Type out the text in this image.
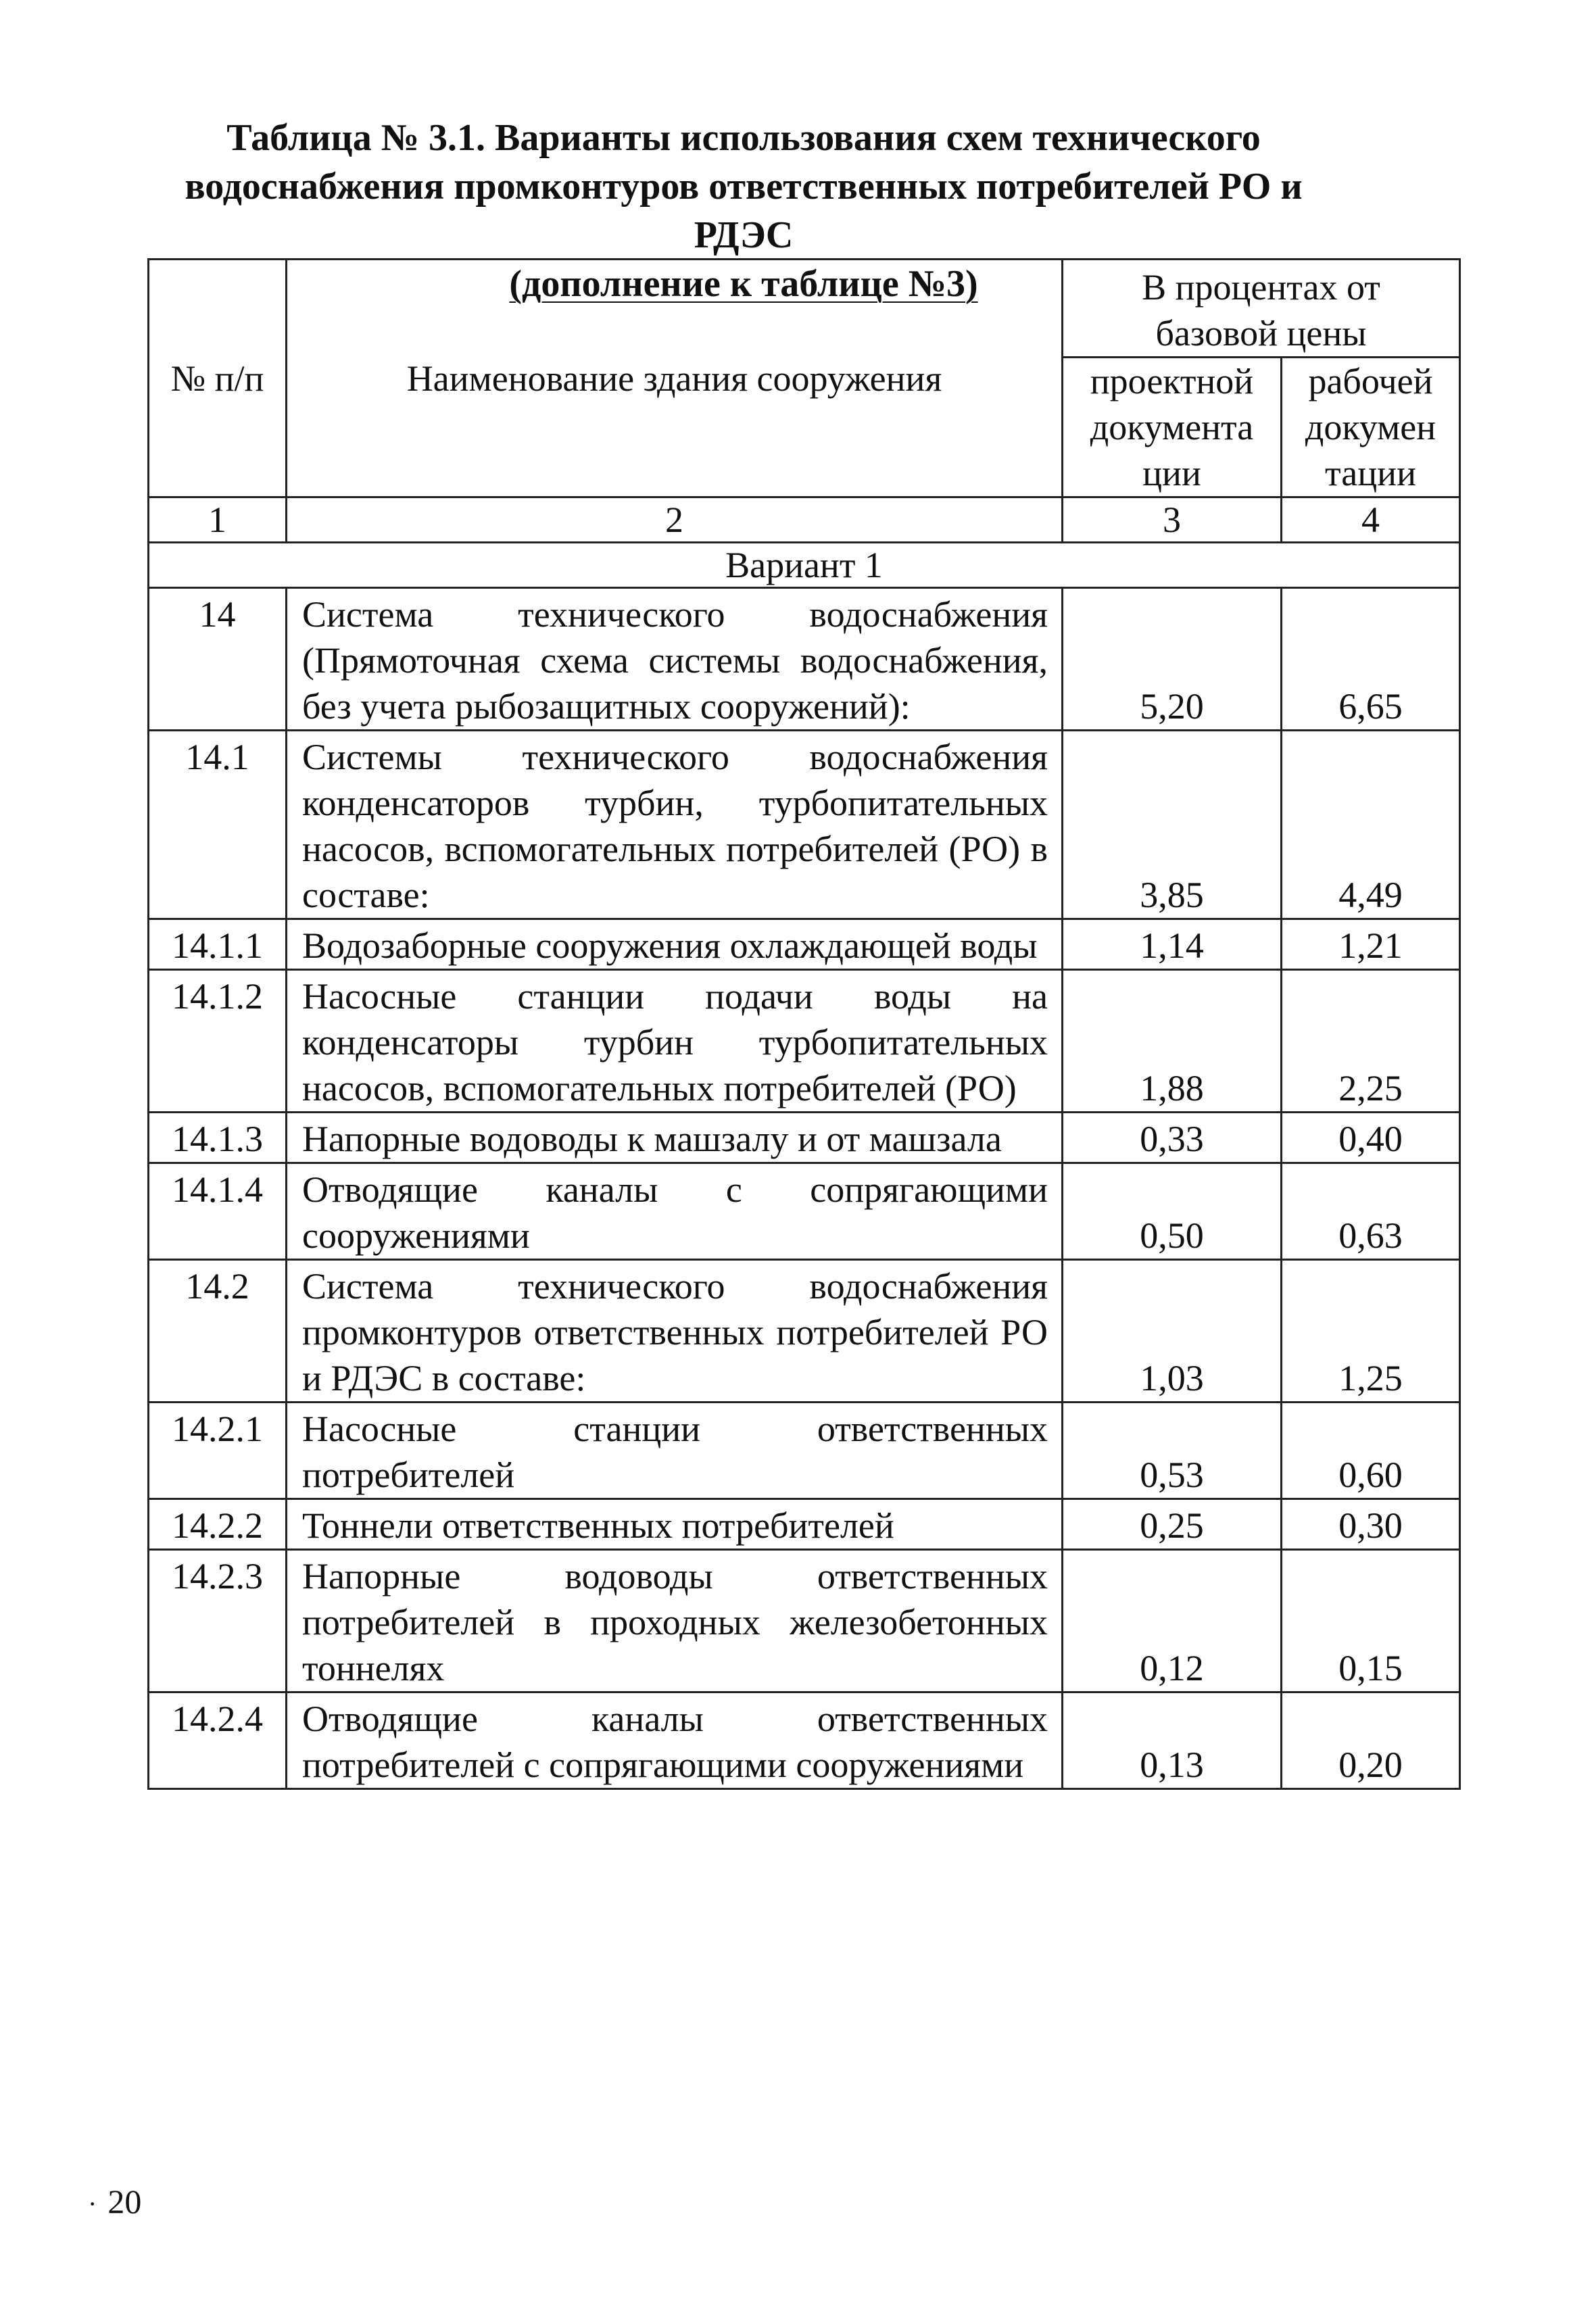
Таблица № 3.1. Варианты использования схем технического
водоснабжения промконтуров ответственных потребителей РО и РДЭС
(дополнение к таблице №3)
№ п/п	Наименование здания сооружения	В процентах от базовой цены	
		проектной документа ции	рабочей докумен тации
1	2	3	4
Вариант 1			
14	Система технического водоснабжения (Прямоточная схема системы водоснабжения, без учета рыбозащитных сооружений):	5,20	6,65
14.1	Системы технического водоснабжения конденсаторов турбин, турбопитательных насосов, вспомогательных потребителей (РО) в составе:	3,85	4,49
14.1.1	Водозаборные сооружения охлаждающей воды	1,14	1,21
14.1.2	Насосные станции подачи воды на конденсаторы турбин турбопитательных насосов, вспомогательных потребителей (РО)	1,88	2,25
14.1.3	Напорные водоводы к машзалу и от машзала	0,33	0,40
14.1.4	Отводящие каналы с сопрягающими сооружениями	0,50	0,63
14.2	Система технического водоснабжения промконтуров ответственных потребителей РО и РДЭС в составе:	1,03	1,25
14.2.1	Насосные станции ответственных потребителей	0,53	0,60
14.2.2	Тоннели ответственных потребителей	0,25	0,30
14.2.3	Напорные водоводы ответственных потребителей в проходных железобетонных тоннелях	0,12	0,15
14.2.4	Отводящие каналы ответственных потребителей с сопрягающими сооружениями	0,13	0,20
· 20
